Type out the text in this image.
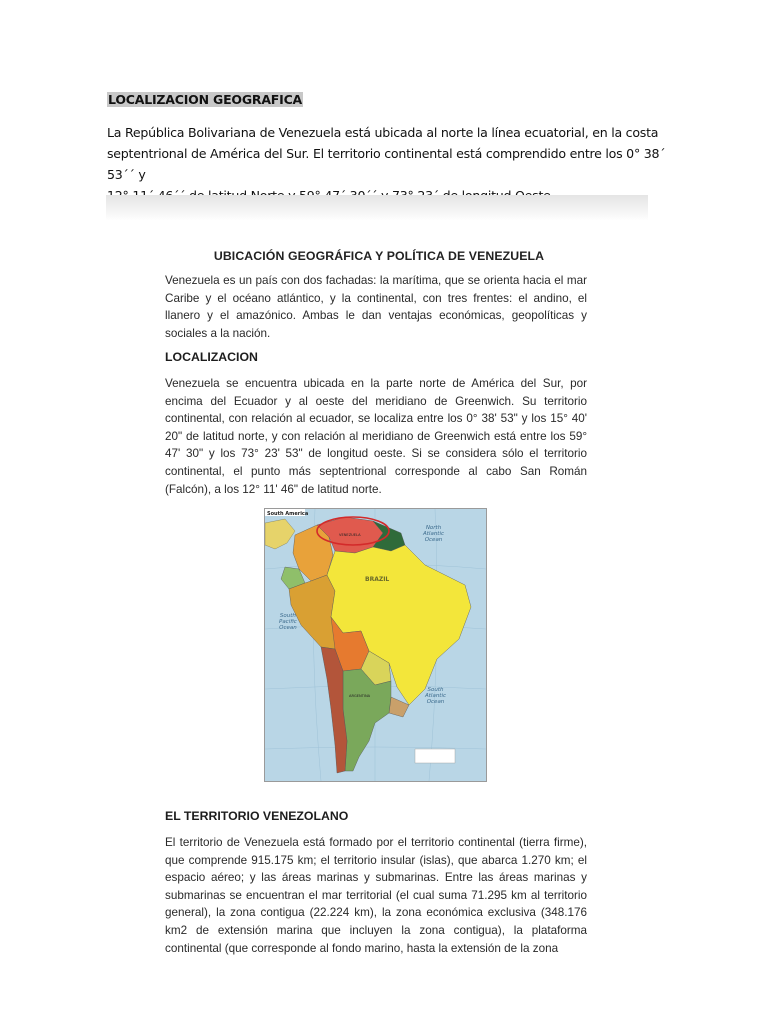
LOCALIZACION GEOGRAFICA
La República Bolivariana de Venezuela está ubicada al norte la línea ecuatorial, en la costa
septentrional de América del Sur. El territorio continental está comprendido entre los 0° 38´ 53´´ y
UBICACIÓN GEOGRÁFICA Y POLÍTICA DE VENEZUELA
Venezuela es un país con dos fachadas: la marítima, que se orienta hacia el mar Caribe y el océano atlántico, y la continental, con tres frentes: el andino, el llanero y el amazónico. Ambas le dan ventajas económicas, geopolíticas y sociales a la nación.
LOCALIZACION
Venezuela se encuentra ubicada en la parte norte de América del Sur, por encima del Ecuador y al oeste del meridiano de Greenwich. Su territorio continental, con relación al ecuador, se localiza entre los 0° 38' 53" y los 15° 40' 20" de latitud norte, y con relación al meridiano de Greenwich está entre los 59° 47' 30" y los 73° 23' 53" de longitud oeste. Si se considera sólo el territorio continental, el punto más septentrional corresponde al cabo San Román (Falcón), a los 12° 11' 46" de latitud norte.
South America
BRAZIL
VENEZUELA
ARGENTINA
North
Atlantic
Ocean
South
Pacific
Ocean
South
Atlantic
Ocean
EL TERRITORIO VENEZOLANO
El territorio de Venezuela está formado por el territorio continental (tierra firme), que comprende 915.175 km; el territorio insular (islas), que abarca 1.270 km; el espacio aéreo; y las áreas marinas y submarinas. Entre las áreas marinas y submarinas se encuentran el mar territorial (el cual suma 71.295 km al territorio general), la zona contigua (22.224 km), la zona económica exclusiva (348.176 km2 de extensión marina que incluyen la zona contigua), la plataforma continental (que corresponde al fondo marino, hasta la extensión de la zona
